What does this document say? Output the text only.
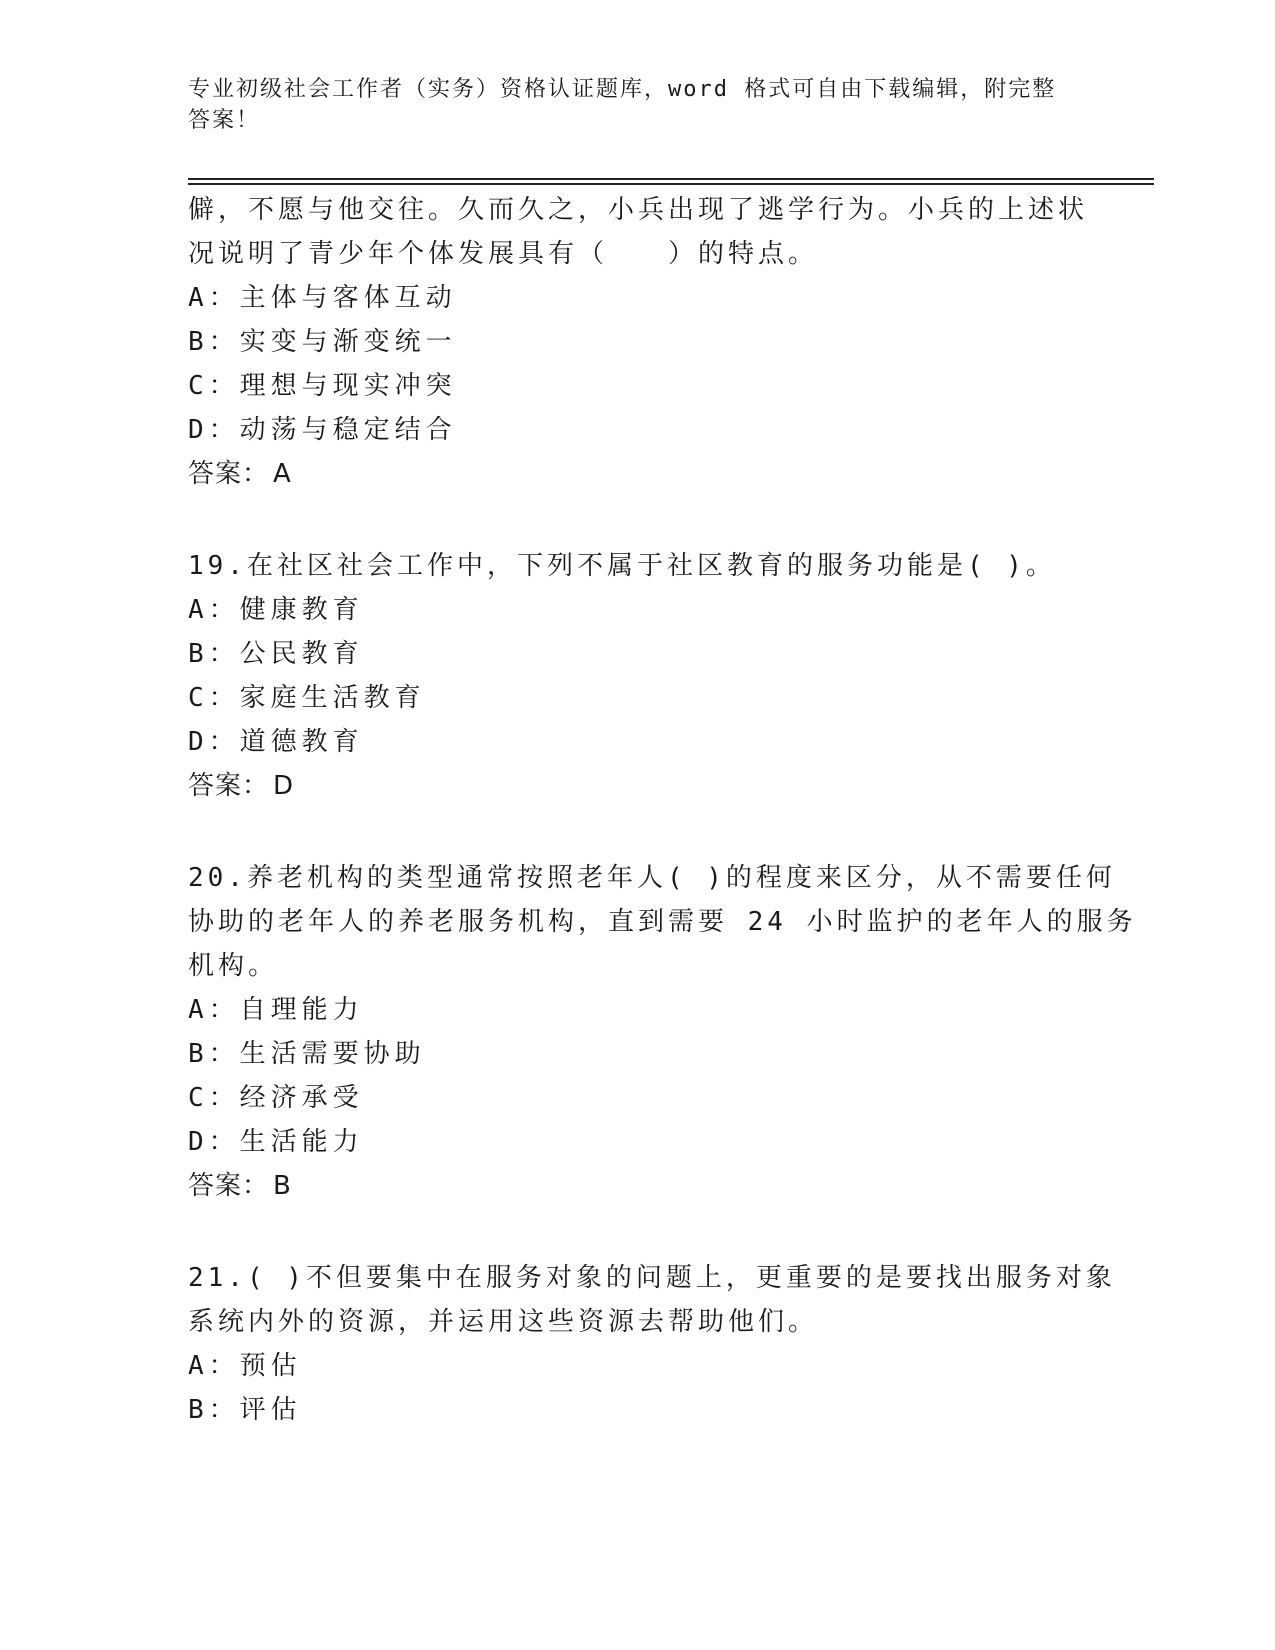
专业初级社会工作者（实务）资格认证题库，word 格式可自由下载编辑，附完整
答案！
僻，不愿与他交往。久而久之，小兵出现了逃学行为。小兵的上述状
况说明了青少年个体发展具有（　　）的特点。
A：主体与客体互动
B：实变与渐变统一
C：理想与现实冲突
D：动荡与稳定结合
答案： A
19.在社区社会工作中，下列不属于社区教育的服务功能是( )。
A：健康教育
B：公民教育
C：家庭生活教育
D：道德教育
答案： D
20.养老机构的类型通常按照老年人( )的程度来区分，从不需要任何
协助的老年人的养老服务机构，直到需要 24 小时监护的老年人的服务
机构。
A：自理能力
B：生活需要协助
C：经济承受
D：生活能力
答案： B
21.( )不但要集中在服务对象的问题上，更重要的是要找出服务对象
系统内外的资源，并运用这些资源去帮助他们。
A：预估
B：评估
